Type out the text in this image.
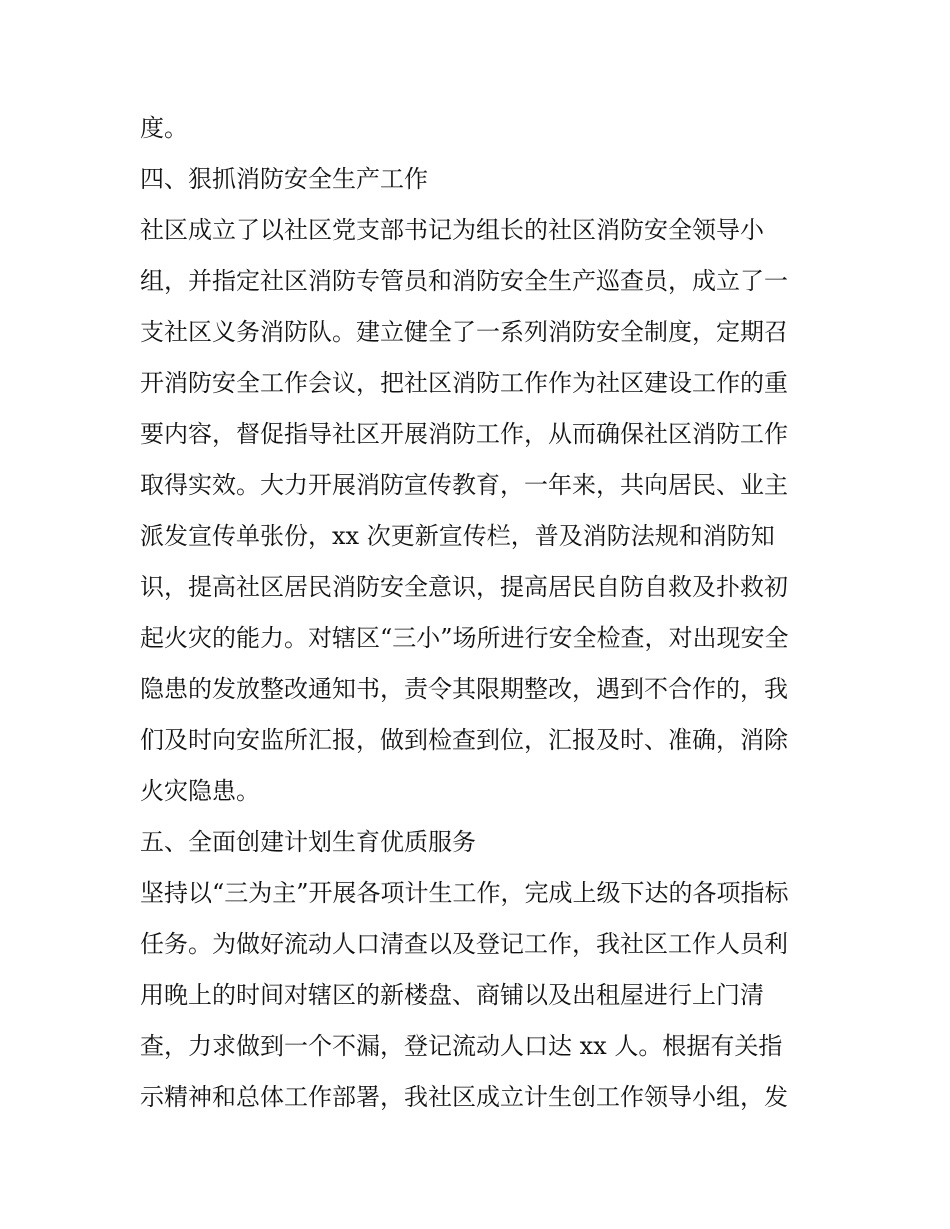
度。
四、狠抓消防安全生产工作
社区成立了以社区党支部书记为组长的社区消防安全领导小
组，并指定社区消防专管员和消防安全生产巡查员，成立了一
支社区义务消防队。建立健全了一系列消防安全制度，定期召
开消防安全工作会议，把社区消防工作作为社区建设工作的重
要内容，督促指导社区开展消防工作，从而确保社区消防工作
取得实效。大力开展消防宣传教育，一年来，共向居民、业主
派发宣传单张份，xx 次更新宣传栏，普及消防法规和消防知
识，提高社区居民消防安全意识，提高居民自防自救及扑救初
起火灾的能力。对辖区“三小”场所进行安全检查，对出现安全
隐患的发放整改通知书，责令其限期整改，遇到不合作的，我
们及时向安监所汇报，做到检查到位，汇报及时、准确，消除
火灾隐患。
五、全面创建计划生育优质服务
坚持以“三为主”开展各项计生工作，完成上级下达的各项指标
任务。为做好流动人口清查以及登记工作，我社区工作人员利
用晚上的时间对辖区的新楼盘、商铺以及出租屋进行上门清
查，力求做到一个不漏，登记流动人口达 xx 人。根据有关指
示精神和总体工作部署，我社区成立计生创工作领导小组，发
